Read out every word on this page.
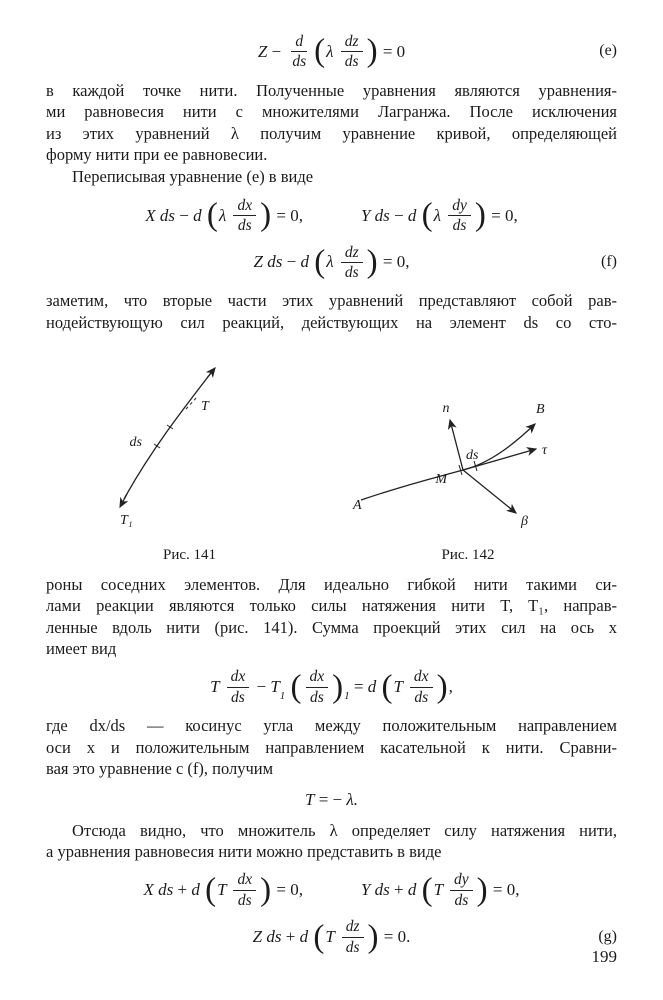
$Z - \frac{d}{ds}$ ( λ $\frac{dz}{ds}$ ) = 0	(e)
в каждой точке нити. Полученные уравнения являются уравнения-
ми равновесия нити с множителями Лагранжа. После исключения
из этих уравнений λ получим уравнение кривой, определяющей
форму нити при ее равновесии.
Переписывая уравнение (е) в виде
X ds − d ( λ $\frac{dx}{ds}$ ) = 0,	Y ds − d ( λ $\frac{dy}{ds}$ ) = 0,
Z ds − d ( λ $\frac{dz}{ds}$ ) = 0,	(f)
заметим, что вторые части этих уравнений представляют собой рав-
нодействующую сил реакций, действующих на элемент ds со сто-
ds
T
T₁
Рис. 141
A
B
M
n
τ
β
ds
Рис. 142
роны соседних элементов. Для идеально гибкой нити такими си-
лами реакции являются только силы натяжения нити T, T₁, направ-
ленные вдоль нити (рис. 141). Сумма проекций этих сил на ось x
имеет вид
T $\frac{dx}{ds} - T$ 1
( $\frac{dx}{ds}$ ) 1 = d ( T $\frac{dx}{ds}$ ) ,
где dx/ds — косинус угла между положительным направлением
оси x и положительным направлением касательной к нити. Сравни-
вая это уравнение с (f), получим
T = − λ.
Отсюда видно, что множитель λ определяет силу натяжения нити,
а уравнения равновесия нити можно представить в виде
X ds + d ( T $\frac{dx}{ds}$ ) = 0,	Y ds + d ( T $\frac{dy}{ds}$ ) = 0,
Z ds + d ( T $\frac{dz}{ds}$ ) = 0.	(g)
199
